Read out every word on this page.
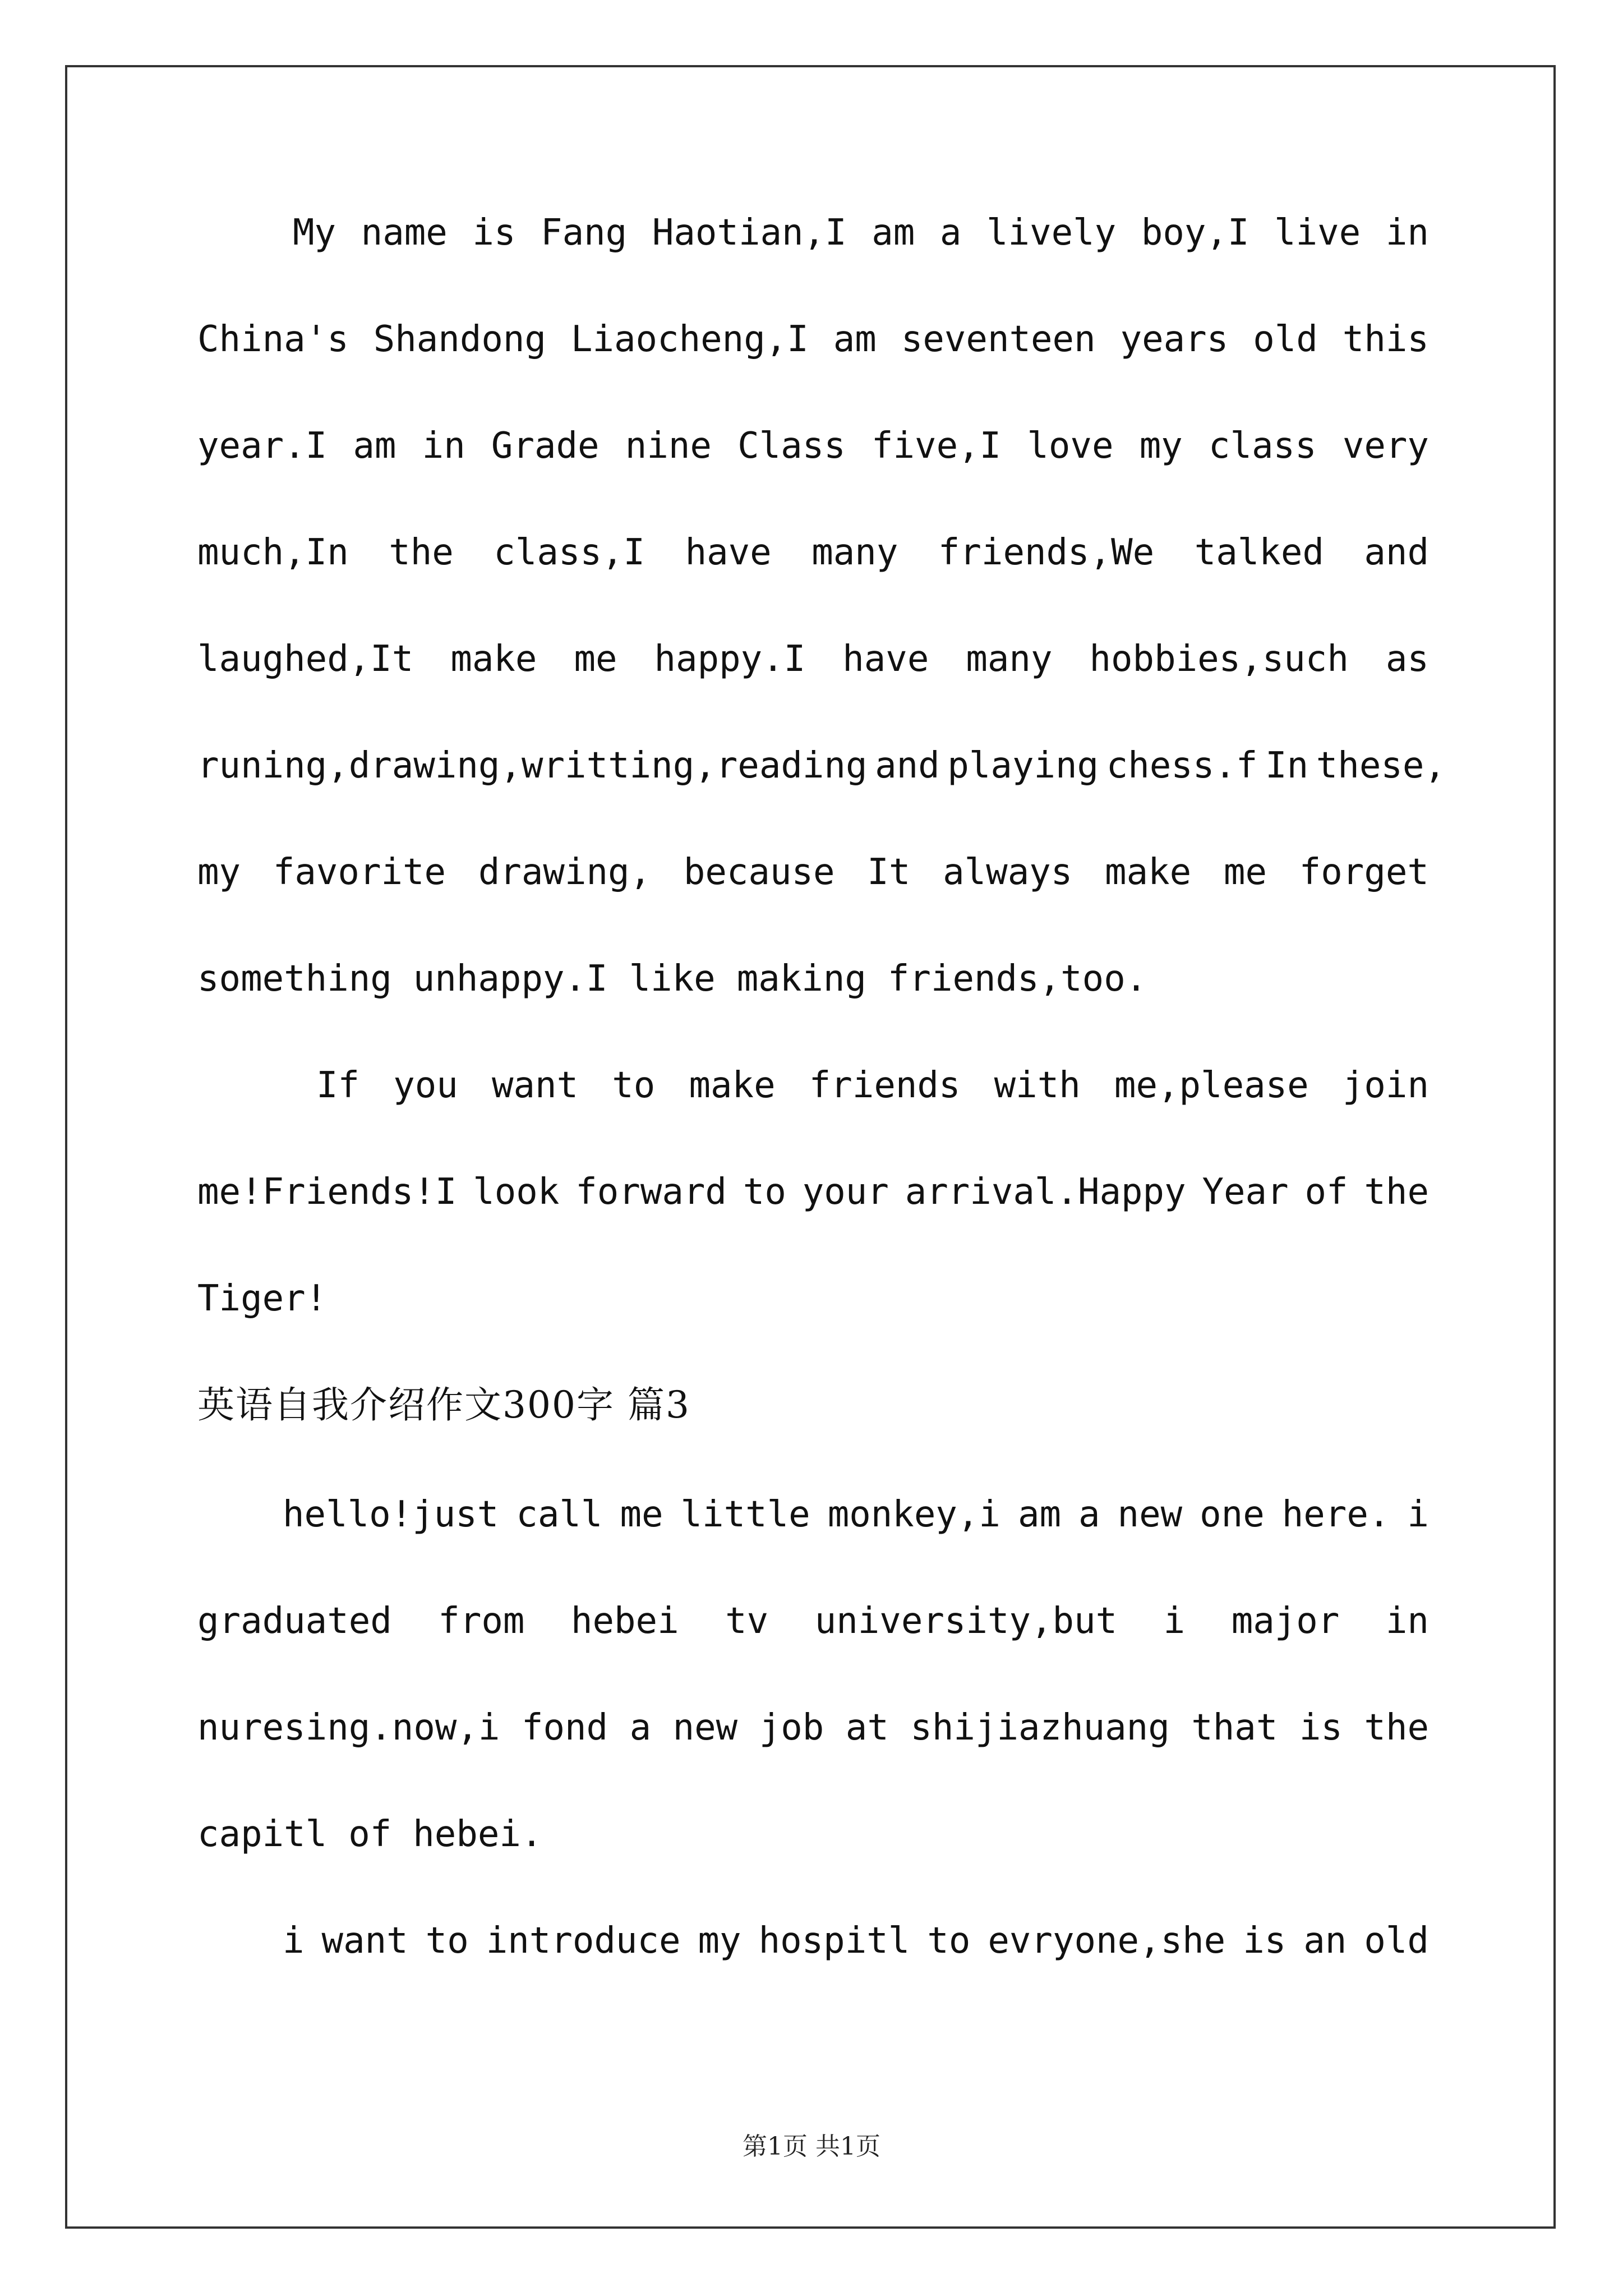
My name is Fang Haotian,I am a lively boy,I live in
China's Shandong Liaocheng,I am seventeen years old this
year.I am in Grade nine Class five,I love my class very
much,In the class,I have many friends,We talked and
laughed,It make me happy.I have many hobbies,such as
runing,drawing,writting,reading and playing chess.f In these,
my favorite drawing, because It always make me forget
something unhappy.I like making friends,too.
If you want to make friends with me,please join
me!Friends!I look forward to your arrival.Happy Year of the
Tiger!
英语自我介绍作文300字 篇3
hello!just call me little monkey,i am a new one here. i
graduated from hebei tv university,but i major in
nuresing.now,i fond a new job at shijiazhuang that is the
capitl of hebei.
i want to introduce my hospitl to evryone,she is an old
第1页 共1页
